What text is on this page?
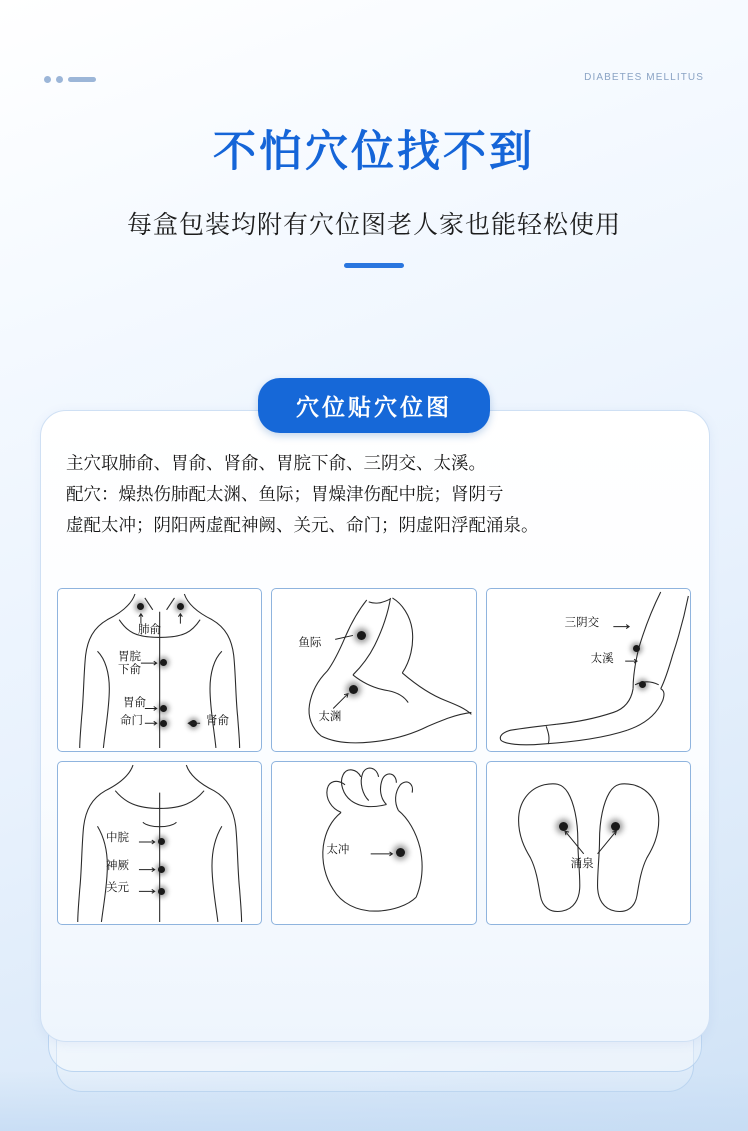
DIABETES MELLITUS
不怕穴位找不到
每盒包装均附有穴位图老人家也能轻松使用
穴位贴穴位图
主穴取肺俞、胃俞、肾俞、胃脘下俞、三阴交、太溪。
配穴：燥热伤肺配太渊、鱼际；胃燥津伤配中脘；肾阴亏
虚配太冲；阴阳两虚配神阙、关元、命门；阴虚阳浮配涌泉。
肺俞
胃脘
下俞
胃俞
命门	肾俞
鱼际
太渊
三阴交
太溪
中脘
神厥
关元
太冲
涌泉
